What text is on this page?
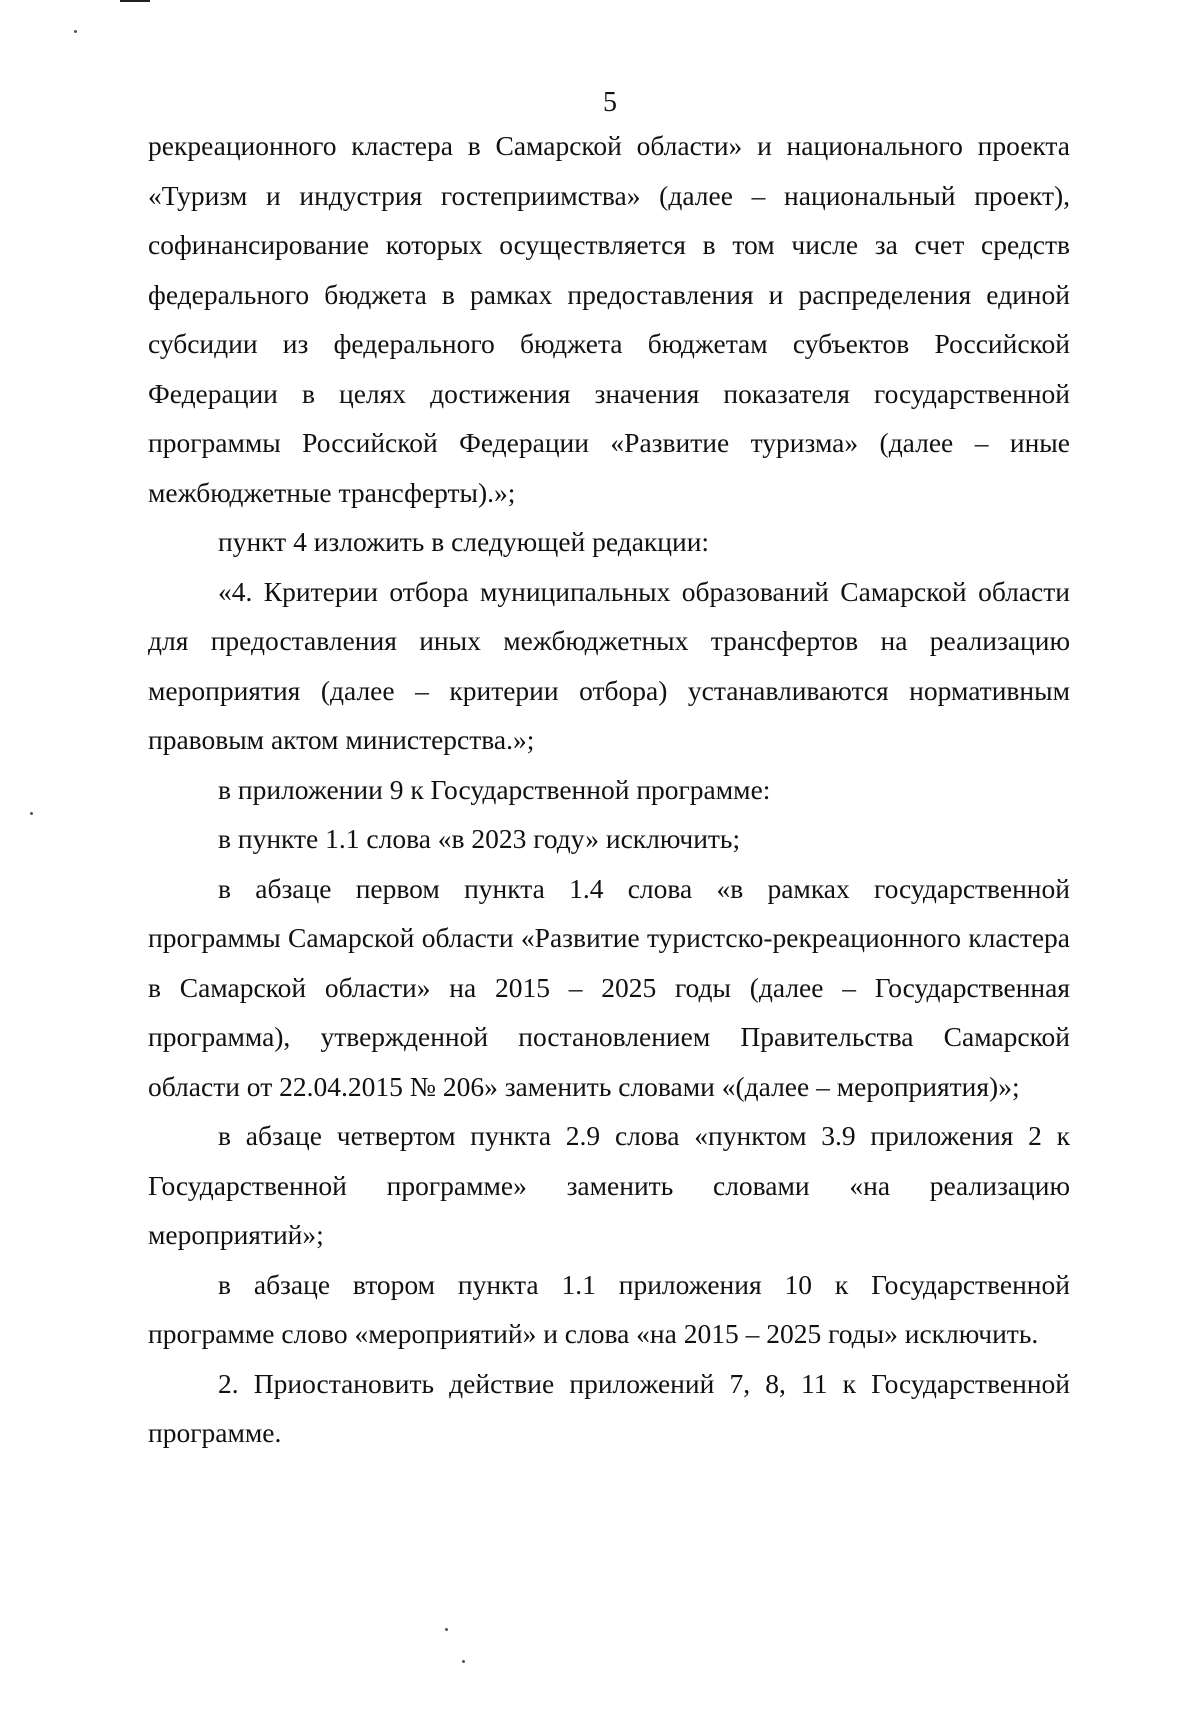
5

рекреационного кластера в Самарской области» и национального проекта «Туризм и индустрия гостеприимства» (далее – национальный проект), софинансирование которых осуществляется в том числе за счет средств федерального бюджета в рамках предоставления и распределения единой субсидии из федерального бюджета бюджетам субъектов Российской Федерации в целях достижения значения показателя государственной программы Российской Федерации «Развитие туризма» (далее – иные межбюджетные трансферты).»;

пункт 4 изложить в следующей редакции:

«4. Критерии отбора муниципальных образований Самарской области для предоставления иных межбюджетных трансфертов на реализацию мероприятия (далее – критерии отбора) устанавливаются нормативным правовым актом министерства.»;

в приложении 9 к Государственной программе:

в пункте 1.1 слова «в 2023 году» исключить;

в абзаце первом пункта 1.4 слова «в рамках государственной программы Самарской области «Развитие туристско-рекреационного кластера в Самарской области» на 2015 – 2025 годы (далее – Государственная программа), утвержденной постановлением Правительства Самарской области от 22.04.2015 № 206» заменить словами «(далее – мероприятия)»;

в абзаце четвертом пункта 2.9 слова «пунктом 3.9 приложения 2 к Государственной программе» заменить словами «на реализацию мероприятий»;

в абзаце втором пункта 1.1 приложения 10 к Государственной программе слово «мероприятий» и слова «на 2015 – 2025 годы» исключить.

2. Приостановить действие приложений 7, 8, 11 к Государственной программе.
